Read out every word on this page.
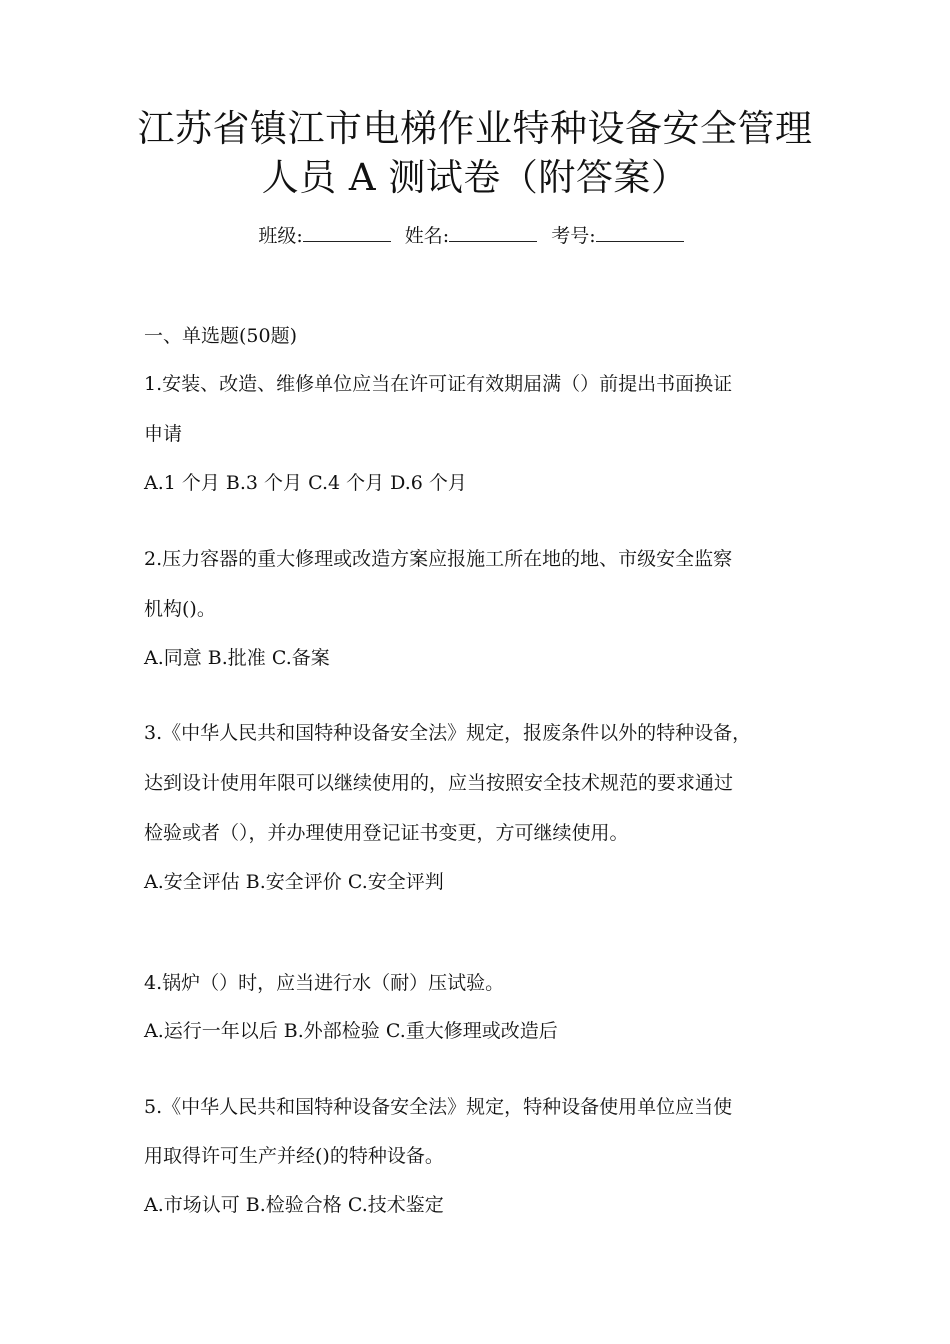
江苏省镇江市电梯作业特种设备安全管理
人员 A 测试卷（附答案）
班级:	姓名:	考号:
一、单选题(50题)
1.安装、改造、维修单位应当在许可证有效期届满（）前提出书面换证
申请
A.1 个月 B.3 个月 C.4 个月 D.6 个月
2.压力容器的重大修理或改造方案应报施工所在地的地、市级安全监察
机构()。
A.同意 B.批准 C.备案
3.《中华人民共和国特种设备安全法》规定，报废条件以外的特种设备，
达到设计使用年限可以继续使用的，应当按照安全技术规范的要求通过
检验或者（），并办理使用登记证书变更，方可继续使用。
A.安全评估 B.安全评价 C.安全评判
4.锅炉（）时，应当进行水（耐）压试验。
A.运行一年以后 B.外部检验 C.重大修理或改造后
5.《中华人民共和国特种设备安全法》规定，特种设备使用单位应当使
用取得许可生产并经()的特种设备。
A.市场认可 B.检验合格 C.技术鉴定
